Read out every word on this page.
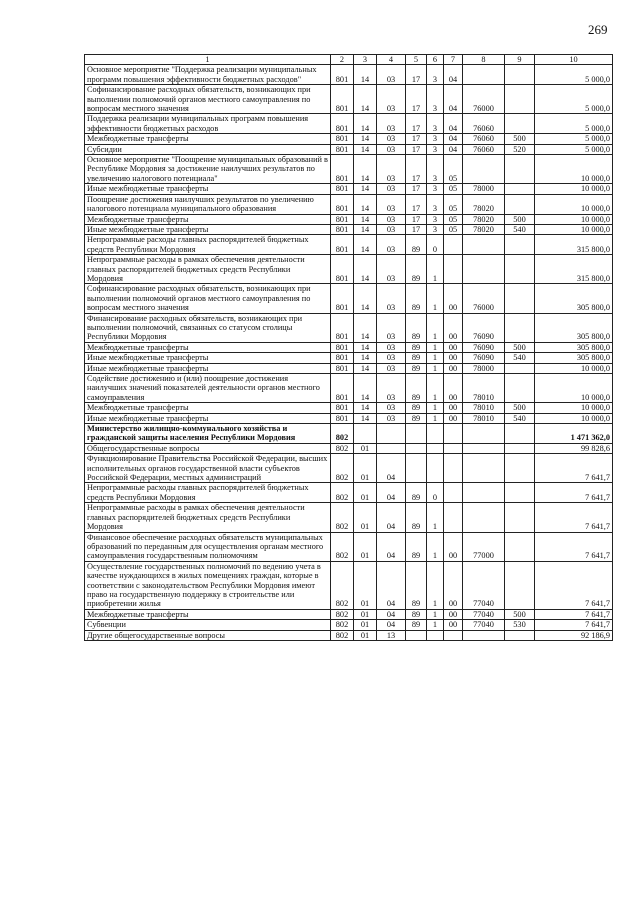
269
1	2	3	4	5	6	7	8	9	10
Основное мероприятие "Поддержка реализации муниципальных программ повышения эффективности бюджетных расходов"	801	14	03	17	3	04			5 000,0
Софинансирование расходных обязательств, возникающих при выполнении полномочий органов местного самоуправления по вопросам местного значения	801	14	03	17	3	04	76000		5 000,0
Поддержка реализации муниципальных программ повышения эффективности бюджетных расходов	801	14	03	17	3	04	76060		5 000,0
Межбюджетные трансферты	801	14	03	17	3	04	76060	500	5 000,0
Субсидии	801	14	03	17	3	04	76060	520	5 000,0
Основное мероприятие "Поощрение муниципальных образований в Республике Мордовия за достижение наилучших результатов по увеличению налогового потенциала"	801	14	03	17	3	05			10 000,0
Иные межбюджетные трансферты	801	14	03	17	3	05	78000		10 000,0
Поощрение достижения наилучших результатов по увеличению налогового потенциала муниципального образования	801	14	03	17	3	05	78020		10 000,0
Межбюджетные трансферты	801	14	03	17	3	05	78020	500	10 000,0
Иные межбюджетные трансферты	801	14	03	17	3	05	78020	540	10 000,0
Непрограммные расходы главных распорядителей бюджетных средств Республики Мордовия	801	14	03	89	0				315 800,0
Непрограммные расходы в рамках обеспечения деятельности главных распорядителей бюджетных средств Республики Мордовия	801	14	03	89	1				315 800,0
Софинансирование расходных обязательств, возникающих при выполнении полномочий органов местного самоуправления по вопросам местного значения	801	14	03	89	1	00	76000		305 800,0
Финансирование расходных обязательств, возникающих при выполнении полномочий, связанных со статусом столицы Республики Мордовия	801	14	03	89	1	00	76090		305 800,0
Межбюджетные трансферты	801	14	03	89	1	00	76090	500	305 800,0
Иные межбюджетные трансферты	801	14	03	89	1	00	76090	540	305 800,0
Иные межбюджетные трансферты	801	14	03	89	1	00	78000		10 000,0
Содействие достижению и (или) поощрение достижения наилучших значений показателей деятельности органов местного самоуправления	801	14	03	89	1	00	78010		10 000,0
Межбюджетные трансферты	801	14	03	89	1	00	78010	500	10 000,0
Иные межбюджетные трансферты	801	14	03	89	1	00	78010	540	10 000,0
Министерство жилищно-коммунального хозяйства и гражданской защиты населения Республики Мордовия	802								1 471 362,0
Общегосударственные вопросы	802	01							99 828,6
Функционирование Правительства Российской Федерации, высших исполнительных органов государственной власти субъектов Российской Федерации, местных администраций	802	01	04						7 641,7
Непрограммные расходы главных распорядителей бюджетных средств Республики Мордовия	802	01	04	89	0				7 641,7
Непрограммные расходы в рамках обеспечения деятельности главных распорядителей бюджетных средств Республики Мордовия	802	01	04	89	1				7 641,7
Финансовое обеспечение расходных обязательств муниципальных образований по переданным для осуществления органам местного самоуправления государственным полномочиям	802	01	04	89	1	00	77000		7 641,7
Осуществление государственных полномочий по ведению учета в качестве нуждающихся в жилых помещениях граждан, которые в соответствии с законодательством Республики Мордовия имеют право на государственную поддержку в строительстве или приобретении жилья	802	01	04	89	1	00	77040		7 641,7
Межбюджетные трансферты	802	01	04	89	1	00	77040	500	7 641,7
Субвенции	802	01	04	89	1	00	77040	530	7 641,7
Другие общегосударственные вопросы	802	01	13						92 186,9
